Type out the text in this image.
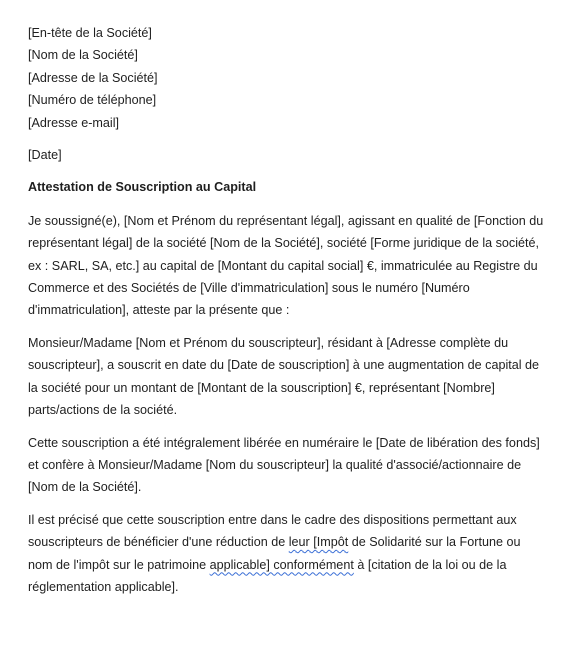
[En-tête de la Société]
[Nom de la Société]
[Adresse de la Société]
[Numéro de téléphone]
[Adresse e-mail]
[Date]
Attestation de Souscription au Capital

Je soussigné(e), [Nom et Prénom du représentant légal], agissant en qualité de [Fonction du représentant légal] de la société [Nom de la Société], société [Forme juridique de la société, ex : SARL, SA, etc.] au capital de [Montant du capital social] €, immatriculée au Registre du Commerce et des Sociétés de [Ville d'immatriculation] sous le numéro [Numéro d'immatriculation], atteste par la présente que :

Monsieur/Madame [Nom et Prénom du souscripteur], résidant à [Adresse complète du souscripteur], a souscrit en date du [Date de souscription] à une augmentation de capital de la société pour un montant de [Montant de la souscription] €, représentant [Nombre] parts/actions de la société.

Cette souscription a été intégralement libérée en numéraire le [Date de libération des fonds] et confère à Monsieur/Madame [Nom du souscripteur] la qualité d'associé/actionnaire de [Nom de la Société].

Il est précisé que cette souscription entre dans le cadre des dispositions permettant aux souscripteurs de bénéficier d'une réduction de leur [Impôt de Solidarité sur la Fortune ou nom de l'impôt sur le patrimoine applicable] conformément à [citation de la loi ou de la réglementation applicable].
